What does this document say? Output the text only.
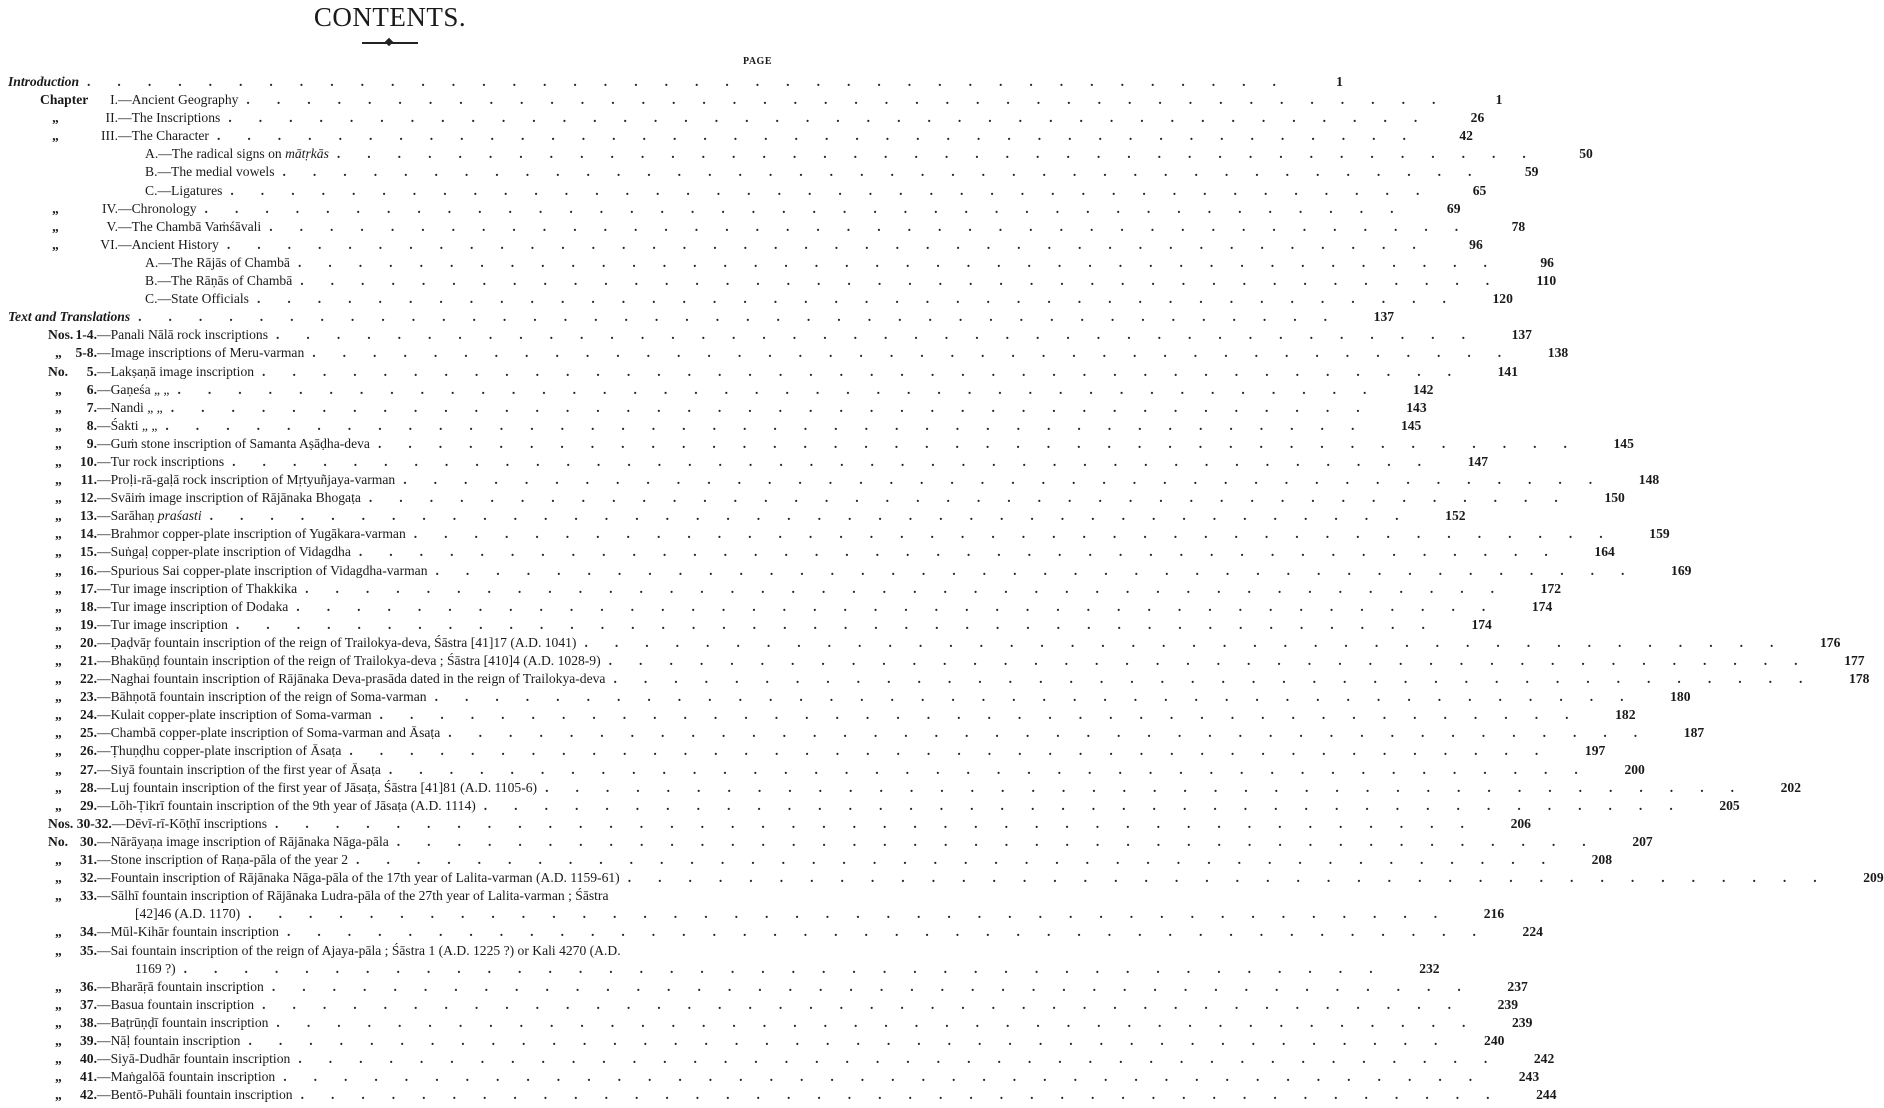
CONTENTS.
PAGE
Introduction ........................................	1
Chapter	I. —Ancient Geography ........................................	1
„	II. —The Inscriptions ........................................	26
„	III. —The Character ........................................	42
A.—The radical signs on mātṛkās ........................................	50
B.—The medial vowels ........................................	59
C.—Ligatures ........................................	65
„	IV. —Chronology ........................................	69
„	V. —The Chambā Vaṁśāvali ........................................	78
„	VI. —Ancient History ........................................	96
A.—The Rājās of Chambā ........................................	96
B.—The Rāṇās of Chambā ........................................	110
C.—State Officials ........................................	120
Text and Translations ........................................	137
Nos. 1-4. —Panali Nālā rock inscriptions ........................................	137
„	5-8. —Image inscriptions of Meru-varman ........................................	138
No.	5. —Lakṣaṇā image inscription ........................................	141
„	6. —Gaṇeśa „ „ ........................................	142
„	7. —Nandi „ „ ........................................	143
„	8. —Śakti „ „ ........................................	145
„	9. —Guṁ stone inscription of Samanta Aṣāḍha-deva ........................................	145
„	10. —Tur rock inscriptions ........................................	147
„	11. —Proḷi-rā-gaḷā rock inscription of Mṛtyuñjaya-varman ........................................	148
„	12. —Svāiṁ image inscription of Rājānaka Bhogaṭa ........................................	150
„	13. —Sarāhaṇ praśasti ........................................	152
„	14. —Brahmor copper-plate inscription of Yugākara-varman ........................................	159
„	15. —Suṅgaḷ copper-plate inscription of Vidagdha ........................................	164
„	16. —Spurious Sai copper-plate inscription of Vidagdha-varman ........................................	169
„	17. —Tur image inscription of Thakkika ........................................	172
„	18. —Tur image inscription of Dodaka ........................................	174
„	19. —Tur image inscription ........................................	174
„	20. —Ḍaḍvāṛ fountain inscription of the reign of Trailokya-deva, Śāstra [41]17 (A.D. 1041) ........................................	176
„	21. —Bhakūṇḍ fountain inscription of the reign of Trailokya-deva ; Śāstra [410]4 (A.D. 1028-9) ........................................	177
„	22. —Naghai fountain inscription of Rājānaka Deva-prasāda dated in the reign of Trailokya-deva ........................................	178
„	23. —Bāhṇotā fountain inscription of the reign of Soma-varman ........................................	180
„	24. —Kulait copper-plate inscription of Soma-varman ........................................	182
„	25. —Chambā copper-plate inscription of Soma-varman and Āsaṭa ........................................	187
„	26. —Ṭhuṇḍhu copper-plate inscription of Āsaṭa ........................................	197
„	27. —Siyā fountain inscription of the first year of Āsaṭa ........................................	200
„	28. —Luj fountain inscription of the first year of Jāsaṭa, Śāstra [41]81 (A.D. 1105-6) ........................................	202
„	29. —Lōh-Ṭikrī fountain inscription of the 9th year of Jāsaṭa (A.D. 1114) ........................................	205
Nos. 30-32. —Dēvī-rī-Kōṭhī inscriptions ........................................	206
No. 30. —Nārāyaṇa image inscription of Rājānaka Nāga-pāla ........................................	207
„	31. —Stone inscription of Raṇa-pāla of the year 2 ........................................	208
„	32. —Fountain inscription of Rājānaka Nāga-pāla of the 17th year of Lalita-varman (A.D. 1159-61) ........................................	209
„	33. —Sālhī fountain inscription of Rājānaka Ludra-pāla of the 27th year of Lalita-varman ; Śāstra
[42]46 (A.D. 1170) ........................................	216
„	34. —Mūl-Kihār fountain inscription ........................................	224
„	35. —Sai fountain inscription of the reign of Ajaya-pāla ; Śāstra 1 (A.D. 1225 ?) or Kali 4270 (A.D.
1169 ?) ........................................	232
„	36. —Bharāṛā fountain inscription ........................................	237
„	37. —Basua fountain inscription ........................................	239
„	38. —Baṭrūṇḍī fountain inscription ........................................	239
„	39. —Nāḷ fountain inscription ........................................	240
„	40. —Siyā-Dudhār fountain inscription ........................................	242
„	41. —Maṅgalōā fountain inscription ........................................	243
„	42. —Bentō-Puhāli fountain inscription ........................................	244
